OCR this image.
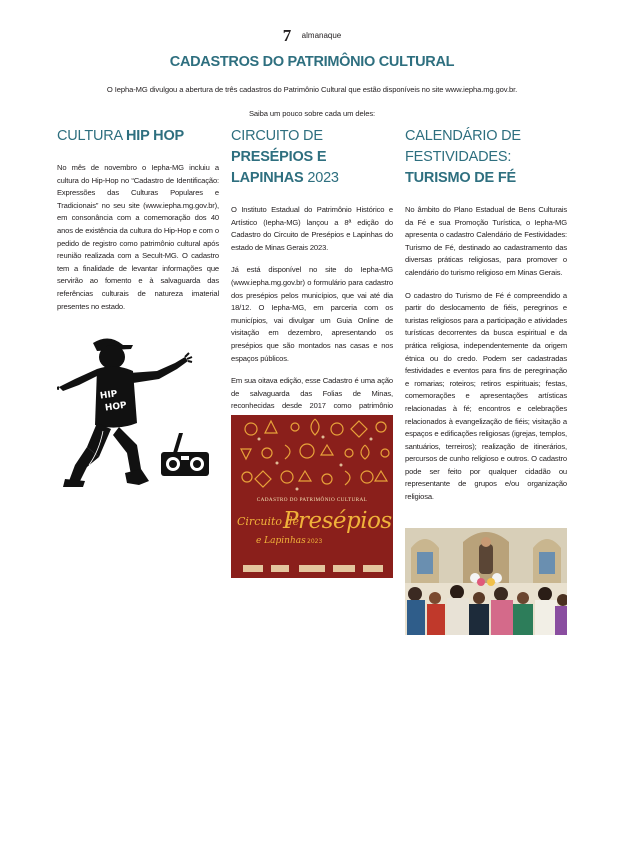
7 almanaque
CADASTROS DO PATRIMÔNIO CULTURAL

O Iepha-MG divulgou a abertura de três cadastros do Patrimônio Cultural que estão disponíveis no site www.iepha.mg.gov.br.

Saiba um pouco sobre cada um deles:

CULTURA HIP HOP

No mês de novembro o Iepha-MG incluiu a cultura do Hip-Hop no “Cadastro de Identificação: Expressões das Culturas Populares e Tradicionais” no seu site (www.iepha.mg.gov.br), em consonância com a comemoração dos 40 anos de existência da cultura do Hip-Hop e com o pedido de registro como patrimônio cultural após reunião realizada com a Secult-MG. O cadastro tem a finalidade de levantar informações que servirão ao fomento e à salvaguarda das referências culturais de natureza imaterial presentes no estado.

HIP
HOP
CIRCUITO DE PRESÉPIOS E LAPINHAS 2023

O Instituto Estadual do Patrimônio Histórico e Artístico (Iepha-MG) lançou a 8ª edição do Cadastro do Circuito de Presépios e Lapinhas do estado de Minas Gerais 2023.

Já está disponível no site do Iepha-MG (www.iepha.mg.gov.br) o formulário para cadastro dos presépios pelos municípios, que vai até dia 18/12. O Iepha-MG, em parceria com os municípios, vai divulgar um Guia Online de visitação em dezembro, apresentando os presépios que são montados nas casas e nos espaços públicos.

Em sua oitava edição, esse Cadastro é uma ação de salvaguarda das Folias de Minas, reconhecidas desde 2017 como patrimônio

CADASTRO DO PATRIMÔNIO CULTURAL
Circuito de
Presépios
e Lapinhas 2023
CALENDÁRIO DE FESTIVIDADES:
TURISMO DE FÉ

No âmbito do Plano Estadual de Bens Culturais da Fé e sua Promoção Turística, o Iepha-MG apresenta o cadastro Calendário de Festividades: Turismo de Fé, destinado ao cadastramento das diversas práticas religiosas, para promover o calendário do turismo religioso em Minas Gerais.

O cadastro do Turismo de Fé é compreendido a partir do deslocamento de fiéis, peregrinos e turistas religiosos para a participação e atividades turísticas decorrentes da busca espiritual e da prática religiosa, independentemente da origem étnica ou do credo. Podem ser cadastradas festividades e eventos para fins de peregrinação e romarias; roteiros; retiros espirituais; festas, comemorações e apresentações artísticas relacionadas à fé; encontros e celebrações relacionados à evangelização de fiéis; visitação a espaços e edificações religiosas (igrejas, templos, santuários, terreiros); realização de itinerários, percursos de cunho religioso e outros. O cadastro pode ser feito por qualquer cidadão ou representante de grupos e/ou organização religiosa.
